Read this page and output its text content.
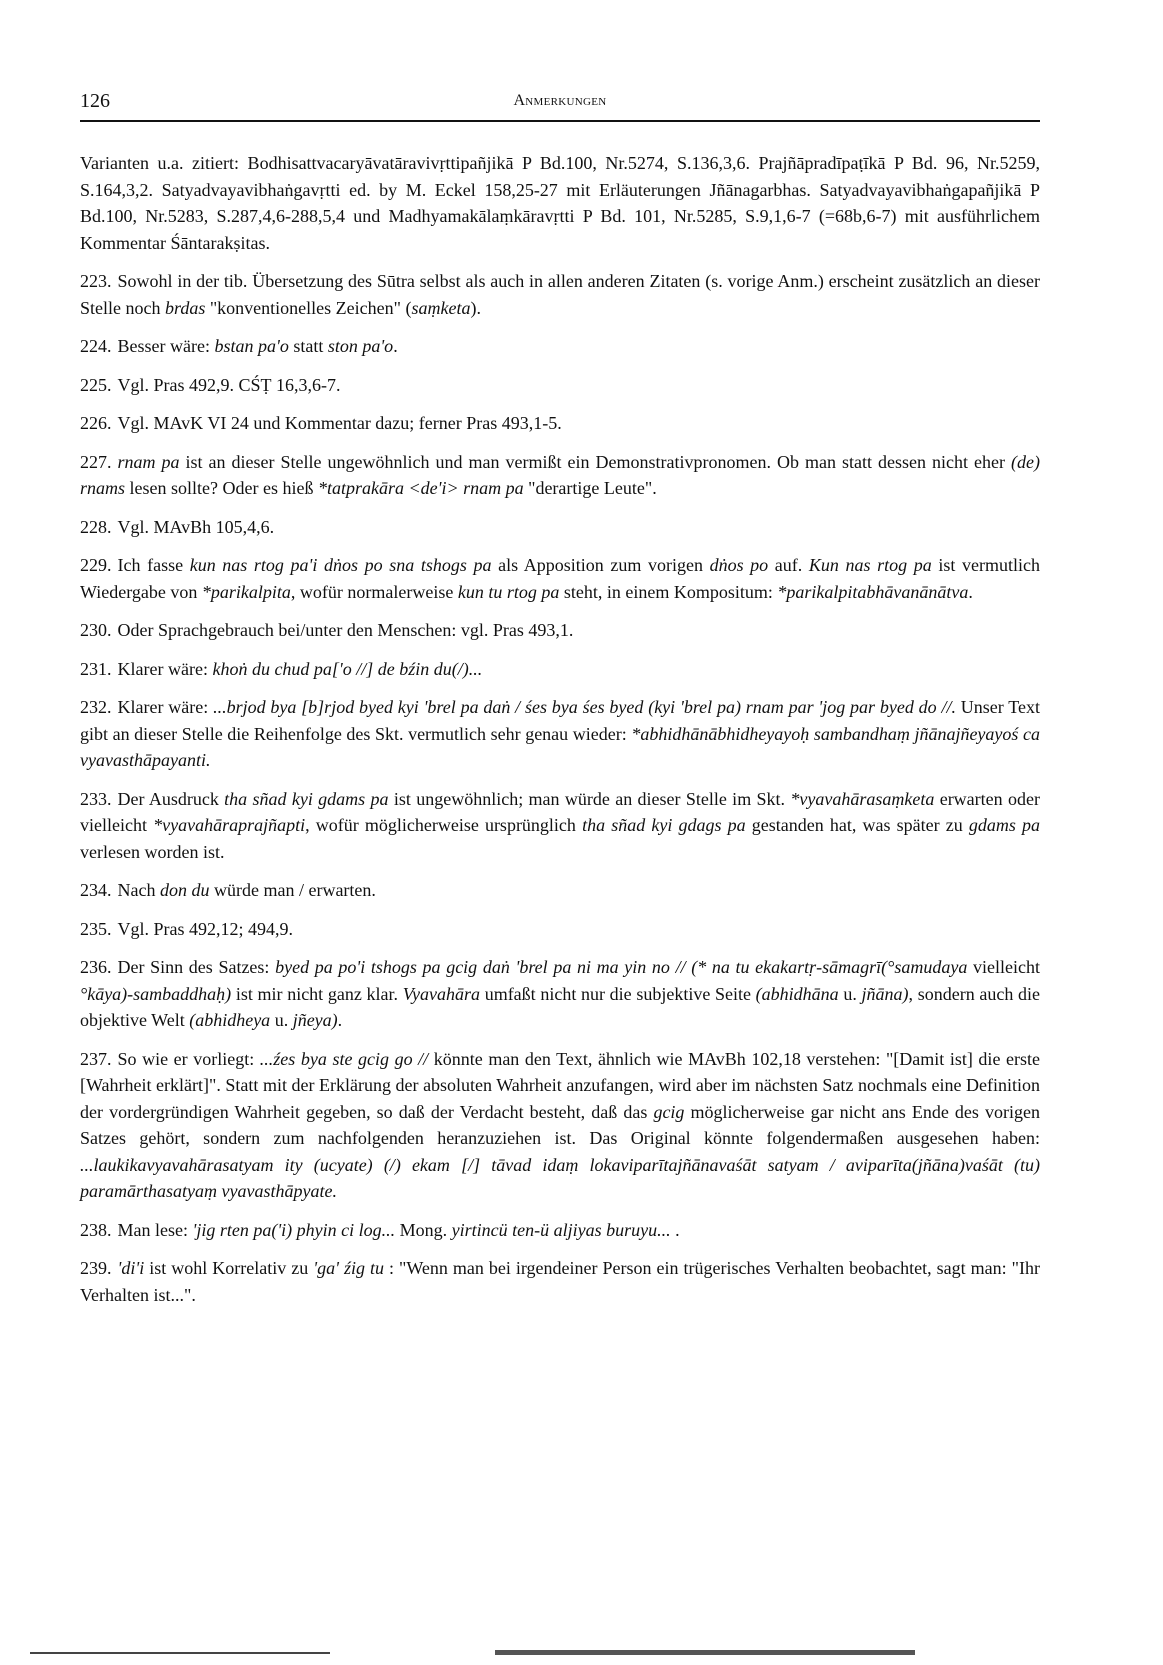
126	Anmerkungen

Varianten u.a. zitiert: Bodhisattvacaryāvatāravivṛttipañjikā P Bd.100, Nr.5274, S.136,3,6. Prajñāpradīpaṭīkā P Bd. 96, Nr.5259, S.164,3,2. Satyadvayavibhaṅgavṛtti ed. by M. Eckel 158,25-27 mit Erläuterungen Jñānagarbhas. Satyadvayavibhaṅgapañjikā P Bd.100, Nr.5283, S.287,4,6-288,5,4 und Madhyamakālaṃkāravṛtti P Bd. 101, Nr.5285, S.9,1,6-7 (=68b,6-7) mit ausführlichem Kommentar Śāntarakṣitas.

223. Sowohl in der tib. Übersetzung des Sūtra selbst als auch in allen anderen Zitaten (s. vorige Anm.) erscheint zusätzlich an dieser Stelle noch brdas "konventionelles Zeichen" (saṃketa).

224. Besser wäre: bstan pa'o statt ston pa'o.

225. Vgl. Pras 492,9. CŚṬ 16,3,6-7.

226. Vgl. MAvK VI 24 und Kommentar dazu; ferner Pras 493,1-5.

227. rnam pa ist an dieser Stelle ungewöhnlich und man vermißt ein Demonstrativpronomen. Ob man statt dessen nicht eher (de) rnams lesen sollte? Oder es hieß *tatprakāra <de'i> rnam pa "derartige Leute".

228. Vgl. MAvBh 105,4,6.

229. Ich fasse kun nas rtog pa'i dṅos po sna tshogs pa als Apposition zum vorigen dṅos po auf. Kun nas rtog pa ist vermutlich Wiedergabe von *parikalpita, wofür normalerweise kun tu rtog pa steht, in einem Kompositum: *parikalpitabhāvanānātva.

230. Oder Sprachgebrauch bei/unter den Menschen: vgl. Pras 493,1.

231. Klarer wäre: khoṅ du chud pa['o //] de bźin du(/)...

232. Klarer wäre: ...brjod bya [b]rjod byed kyi 'brel pa daṅ / śes bya śes byed (kyi 'brel pa) rnam par 'jog par byed do //. Unser Text gibt an dieser Stelle die Reihenfolge des Skt. vermutlich sehr genau wieder: *abhidhānābhidheyayoḥ sambandhaṃ jñānajñeyayoś ca vyavasthāpayanti.

233. Der Ausdruck tha sñad kyi gdams pa ist ungewöhnlich; man würde an dieser Stelle im Skt. *vyavahārasaṃketa erwarten oder vielleicht *vyavahāraprajñapti, wofür möglicherweise ursprünglich tha sñad kyi gdags pa gestanden hat, was später zu gdams pa verlesen worden ist.

234. Nach don du würde man / erwarten.

235. Vgl. Pras 492,12; 494,9.

236. Der Sinn des Satzes: byed pa po'i tshogs pa gcig daṅ 'brel pa ni ma yin no // (* na tu ekakartṛ-sāmagrī(°samudaya vielleicht °kāya)-sambaddhaḥ) ist mir nicht ganz klar. Vyavahāra umfaßt nicht nur die subjektive Seite (abhidhāna u. jñāna), sondern auch die objektive Welt (abhidheya u. jñeya).

237. So wie er vorliegt: ...źes bya ste gcig go // könnte man den Text, ähnlich wie MAvBh 102,18 verstehen: "[Damit ist] die erste [Wahrheit erklärt]". Statt mit der Erklärung der absoluten Wahrheit anzufangen, wird aber im nächsten Satz nochmals eine Definition der vordergründigen Wahrheit gegeben, so daß der Verdacht besteht, daß das gcig möglicherweise gar nicht ans Ende des vorigen Satzes gehört, sondern zum nachfolgenden heranzuziehen ist. Das Original könnte folgendermaßen ausgesehen haben: ...laukikavyavahārasatyam ity (ucyate) (/) ekam [/] tāvad idaṃ lokaviparītajñānavaśāt satyam / aviparīta(jñāna)vaśāt (tu) paramārthasatyaṃ vyavasthāpyate.

238. Man lese: 'jig rten pa('i) phyin ci log... Mong. yirtincü ten-ü aljiyas buruyu... .

239. 'di'i ist wohl Korrelativ zu 'ga' źig tu : "Wenn man bei irgendeiner Person ein trügerisches Verhalten beobachtet, sagt man: "Ihr Verhalten ist...".
